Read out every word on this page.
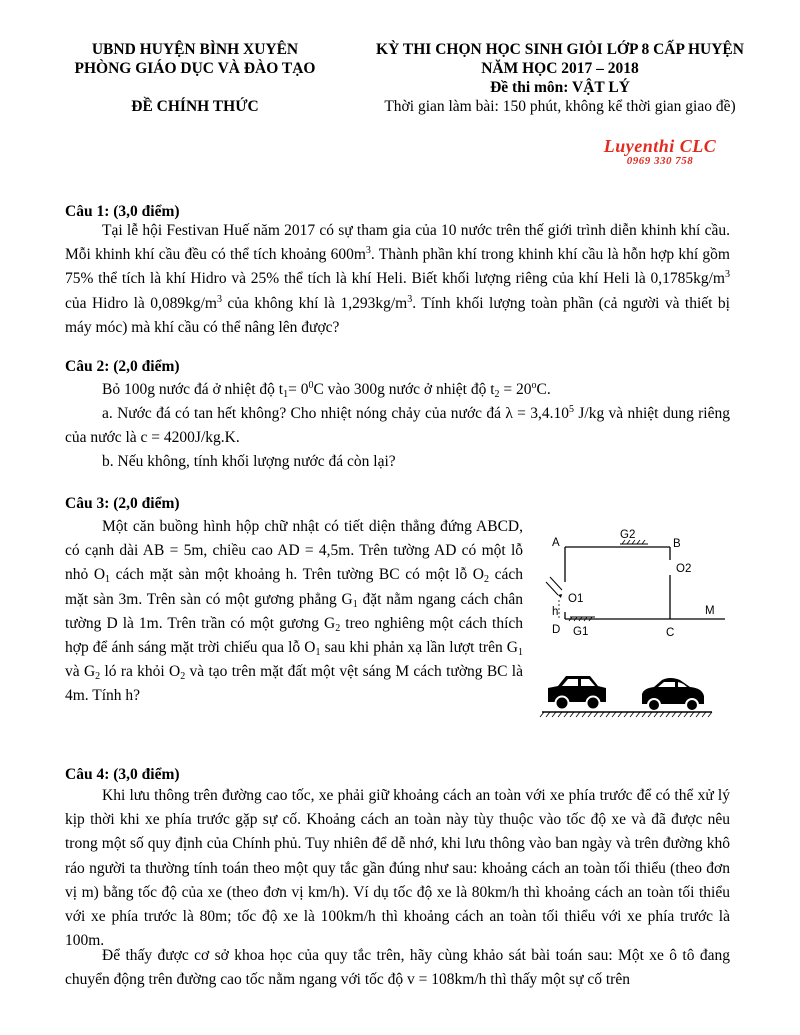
UBND HUYỆN BÌNH XUYÊN
PHÒNG GIÁO DỤC VÀ ĐÀO TẠO
ĐỀ CHÍNH THỨC
KỲ THI CHỌN HỌC SINH GIỎI LỚP 8 CẤP HUYỆN
NĂM HỌC 2017 – 2018
Đề thi môn: VẬT LÝ
Thời gian làm bài: 150 phút, không kể thời gian giao đề)
Luyenthi CLC
0969 330 758
Câu 1: (3,0 điểm)
Tại lễ hội Festivan Huế năm 2017 có sự tham gia của 10 nước trên thế giới trình diễn khinh khí cầu. Mỗi khinh khí cầu đều có thể tích khoảng $600m^3$. Thành phần khí trong khinh khí cầu là hỗn hợp khí gồm 75% thể tích là khí Hidro và 25% thể tích là khí Heli. Biết khối lượng riêng của khí Heli là $0,1785kg/m^3$ của Hidro là $0,089kg/m^3$ của không khí là $1,293kg/m^3$. Tính khối lượng toàn phần (cả người và thiết bị máy móc) mà khí cầu có thể nâng lên được?
Câu 2: (2,0 điểm)
Bỏ 100g nước đá ở nhiệt độ $t_1= 0^0C$ vào 300g nước ở nhiệt độ $t_2 = 20^oC$.
a. Nước đá có tan hết không? Cho nhiệt nóng chảy của nước đá $\lambda = 3,4.10^5$ J/kg và nhiệt dung riêng của nước là c = 4200J/kg.K.
b. Nếu không, tính khối lượng nước đá còn lại?
Câu 3: (2,0 điểm)
Một căn buồng hình hộp chữ nhật có tiết diện thẳng đứng ABCD, có cạnh dài AB = 5m, chiều cao AD = 4,5m. Trên tường AD có một lỗ nhỏ $O_1$ cách mặt sàn một khoảng h. Trên tường BC có một lỗ $O_2$ cách mặt sàn 3m. Trên sàn có một gương phẳng $G_1$ đặt nằm ngang cách chân tường D là 1m. Trên trần có một gương $G_2$ treo nghiêng một cách thích hợp để ánh sáng mặt trời chiếu qua lỗ $O_1$ sau khi phản xạ lần lượt trên $G_1$ và $G_2$ ló ra khỏi $O_2$ và tạo trên mặt đất một vệt sáng M cách tường BC là 4m. Tính h?
A	B
G2
O2
O1
h
D G1	C
M
Câu 4: (3,0 điểm)
Khi lưu thông trên đường cao tốc, xe phải giữ khoảng cách an toàn với xe phía trước để có thể xử lý kịp thời khi xe phía trước gặp sự cố. Khoảng cách an toàn này tùy thuộc vào tốc độ xe và đã được nêu trong một số quy định của Chính phủ. Tuy nhiên để dễ nhớ, khi lưu thông vào ban ngày và trên đường khô ráo người ta thường tính toán theo một quy tắc gần đúng như sau: khoảng cách an toàn tối thiểu (theo đơn vị m) bằng tốc độ của xe (theo đơn vị km/h). Ví dụ tốc độ xe là 80km/h thì khoảng cách an toàn tối thiểu với xe phía trước là 80m; tốc độ xe là 100km/h thì khoảng cách an toàn tối thiểu với xe phía trước là 100m.
Để thấy được cơ sở khoa học của quy tắc trên, hãy cùng khảo sát bài toán sau: Một xe ô tô đang chuyển động trên đường cao tốc nằm ngang với tốc độ v = 108km/h thì thấy một sự cố trên
